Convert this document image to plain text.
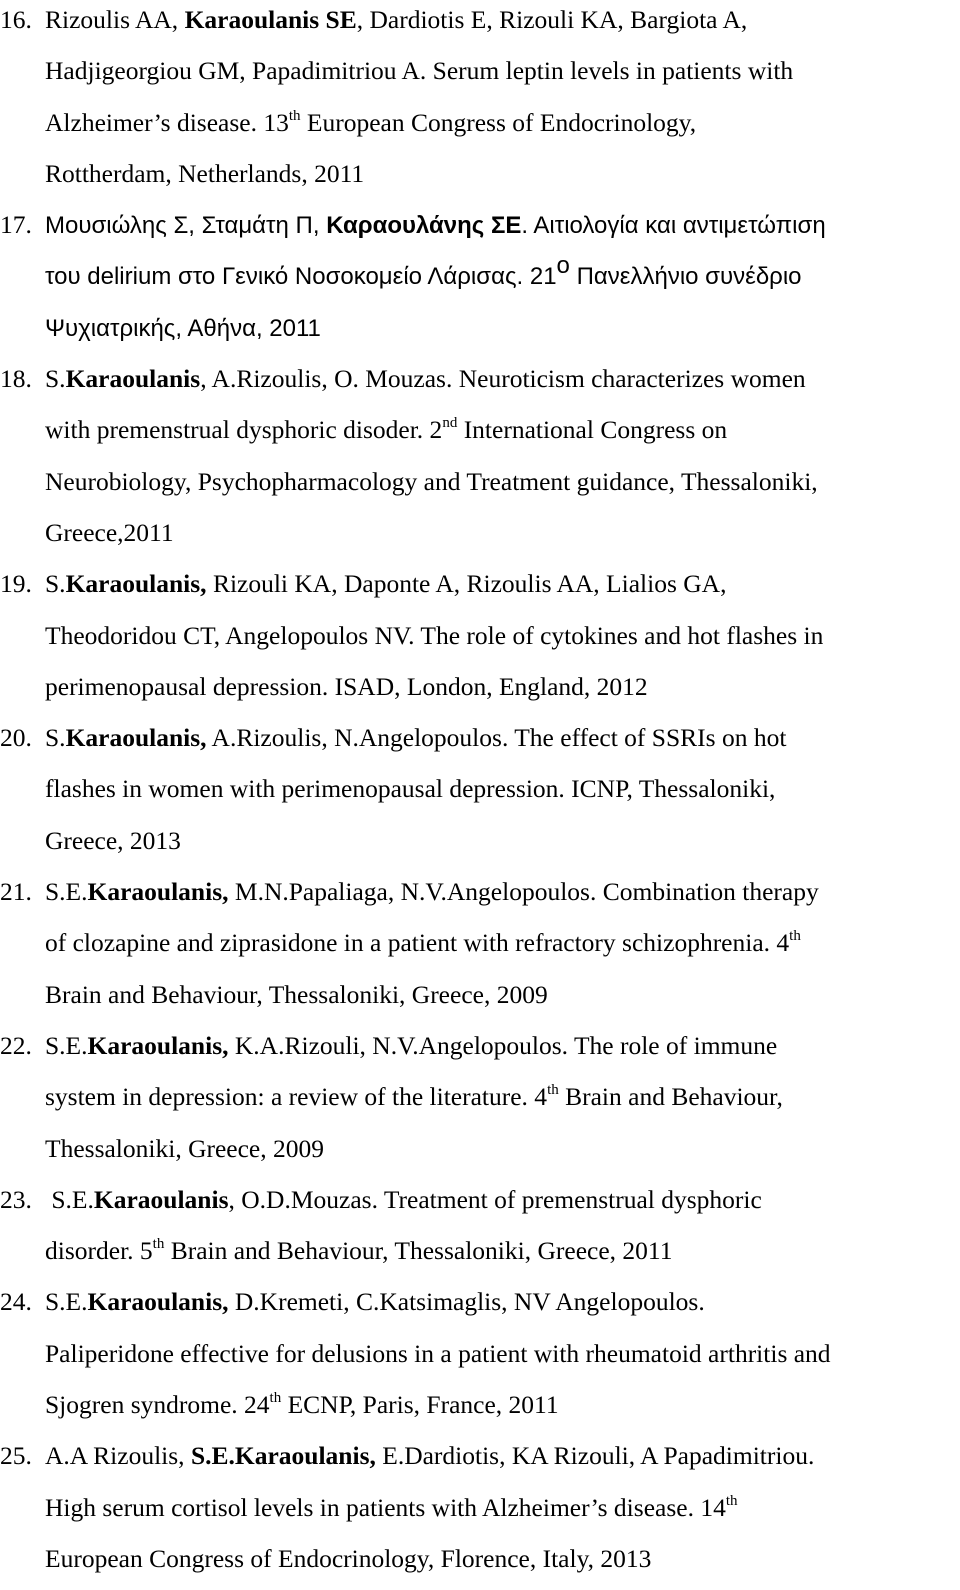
16. Rizoulis AA, Karaoulanis SE, Dardiotis E, Rizouli KA, Bargiota A,
Hadjigeorgiou GM, Papadimitriou A. Serum leptin levels in patients with
Alzheimer’s disease. 13th European Congress of Endocrinology,
Rottherdam, Netherlands, 2011
17. Μουσιώλης Σ, Σταμάτη Π, Καραουλάνης ΣΕ. Αιτιολογία και αντιμετώπιση
του delirium στο Γενικό Νοσοκομείο Λάρισας. $21^o$ Πανελλήνιο συνέδριο
Ψυχιατρικής, Αθήνα, 2011
18. S.Karaoulanis, A.Rizoulis, O. Mouzas. Neuroticism characterizes women
with premenstrual dysphoric disoder. 2nd International Congress on
Neurobiology, Psychopharmacology and Treatment guidance, Thessaloniki,
Greece,2011
19. S.Karaoulanis, Rizouli KA, Daponte A, Rizoulis AA, Lialios GA,
Theodoridou CT, Angelopoulos NV. The role of cytokines and hot flashes in
perimenopausal depression. ISAD, London, England, 2012
20. S.Karaoulanis, A.Rizoulis, N.Angelopoulos. The effect of SSRIs on hot
flashes in women with perimenopausal depression. ICNP, Thessaloniki,
Greece, 2013
21. S.E.Karaoulanis, M.N.Papaliaga, N.V.Angelopoulos. Combination therapy
of clozapine and ziprasidone in a patient with refractory schizophrenia. 4th
Brain and Behaviour, Thessaloniki, Greece, 2009
22. S.E.Karaoulanis, K.A.Rizouli, N.V.Angelopoulos. The role of immune
system in depression: a review of the literature. 4th Brain and Behaviour,
Thessaloniki, Greece, 2009
23. S.E.Karaoulanis, O.D.Mouzas. Treatment of premenstrual dysphoric
disorder. 5th Brain and Behaviour, Thessaloniki, Greece, 2011
24. S.E.Karaoulanis, D.Kremeti, C.Katsimaglis, NV Angelopoulos.
Paliperidone effective for delusions in a patient with rheumatoid arthritis and
Sjogren syndrome. 24th ECNP, Paris, France, 2011
25. A.A Rizoulis, S.E.Karaoulanis, E.Dardiotis, KA Rizouli, A Papadimitriou.
High serum cortisol levels in patients with Alzheimer’s disease. 14th
European Congress of Endocrinology, Florence, Italy, 2013
